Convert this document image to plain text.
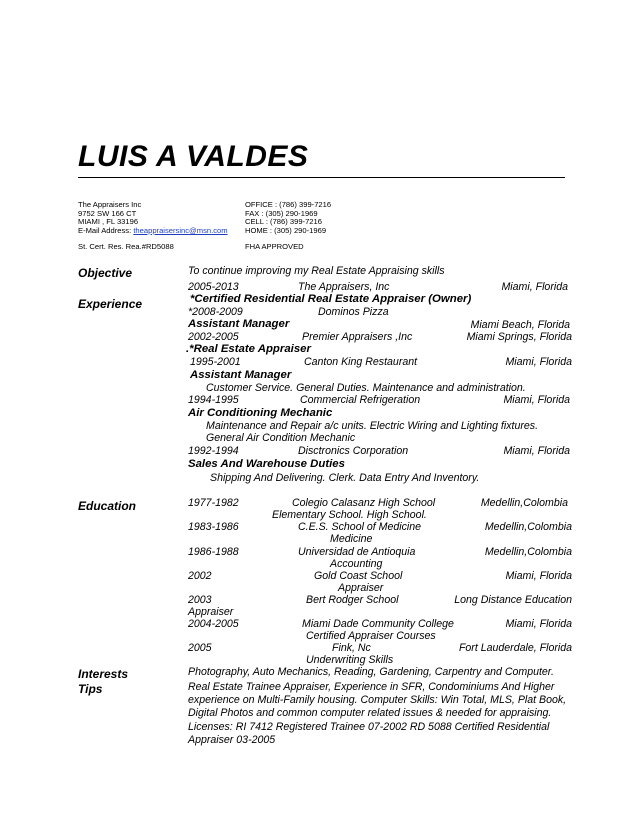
LUIS A VALDES
The Appraisers Inc
9752 SW 166 CT
MIAMI , FL 33196
E-Mail Address: theappraisersinc@msn.com
St. Cert. Res. Rea.#RD5088
OFFICE : (786) 399-7216
FAX : (305) 290-1969
CELL : (786) 399-7216
HOME : (305) 290-1969
FHA APPROVED
Objective	To continue improving my Real Estate Appraising skills
Experience
2005-2013	The Appraisers, Inc	Miami, Florida
*Certified Residential Real Estate Appraiser (Owner)
*2008-2009	Dominos Pizza
Assistant Manager	Miami Beach, Florida
2002-2005	Premier Appraisers ,Inc	Miami Springs, Florida
.*Real Estate Appraiser
1995-2001	Canton King Restaurant	Miami, Florida
Assistant Manager
Customer Service. General Duties. Maintenance and administration.
1994-1995	Commercial Refrigeration	Miami, Florida
Air Conditioning Mechanic
Maintenance and Repair a/c units. Electric Wiring and Lighting fixtures.
General Air Condition Mechanic
1992-1994	Disctronics Corporation	Miami, Florida
Sales And Warehouse Duties
Shipping And Delivering. Clerk. Data Entry And Inventory.
Education	1977-1982	Colegio Calasanz High School	Medellin,Colombia
Elementary School. High School.
1983-1986	C.E.S. School of Medicine	Medellin,Colombia
Medicine
1986-1988	Universidad de Antioquia	Medellin,Colombia
Accounting
2002	Gold Coast School	Miami, Florida
Appraiser
2003	Bert Rodger School	Long Distance Education
Appraiser
2004-2005	Miami Dade Community College	Miami, Florida
Certified Appraiser Courses
2005	Fink, Nc	Fort Lauderdale, Florida
Underwriting Skills
Interests	Photography, Auto Mechanics, Reading, Gardening, Carpentry and Computer.
Tips	Real Estate Trainee Appraiser, Experience in SFR, Condominiums And Higher experience on Multi-Family housing. Computer Skills: Win Total, MLS, Plat Book, Digital Photos and common computer related issues & needed for appraising. Licenses: RI 7412 Registered Trainee 07-2002 RD 5088 Certified Residential Appraiser 03-2005
